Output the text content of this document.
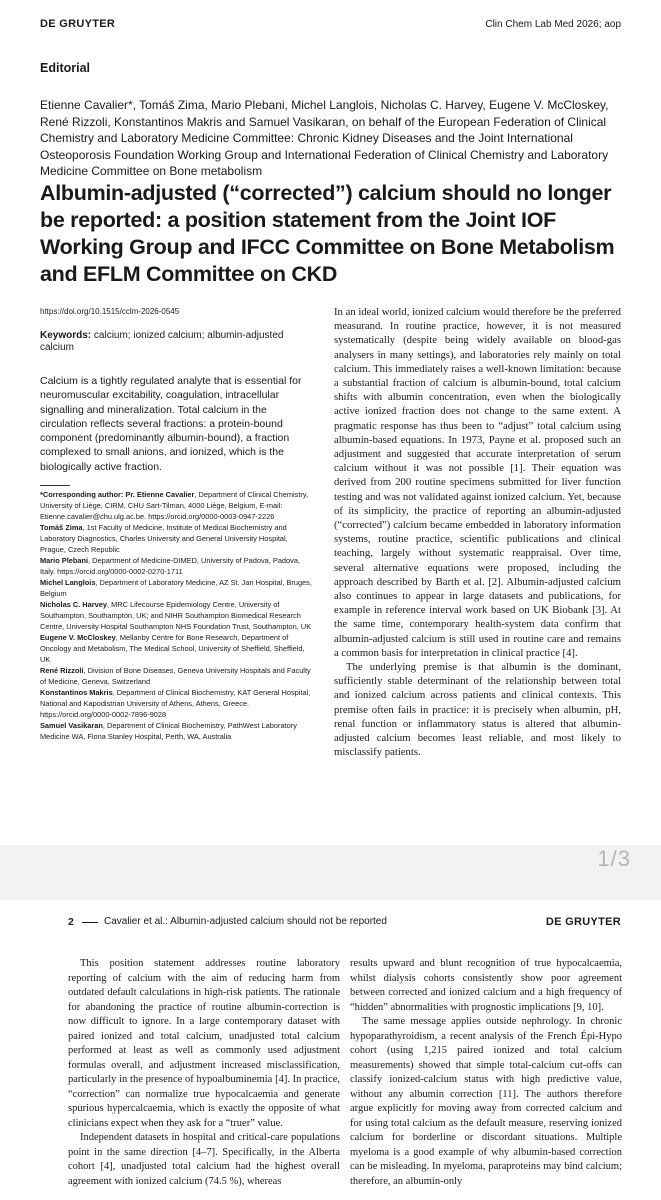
DE GRUYTER	Clin Chem Lab Med 2026; aop
Editorial
Etienne Cavalier*, Tomáš Zima, Mario Plebani, Michel Langlois, Nicholas C. Harvey, Eugene V. McCloskey, René Rizzoli, Konstantinos Makris and Samuel Vasikaran, on behalf of the European Federation of Clinical Chemistry and Laboratory Medicine Committee: Chronic Kidney Diseases and the Joint International Osteoporosis Foundation Working Group and International Federation of Clinical Chemistry and Laboratory Medicine Committee on Bone metabolism
Albumin-adjusted (“corrected”) calcium should no longer be reported: a position statement from the Joint IOF Working Group and IFCC Committee on Bone Metabolism and EFLM Committee on CKD
https://doi.org/10.1515/cclm-2026-0545
Keywords: calcium; ionized calcium; albumin-adjusted calcium

Calcium is a tightly regulated analyte that is essential for neuromuscular excitability, coagulation, intracellular signalling and mineralization. Total calcium in the circulation reflects several fractions: a protein-bound component (predominantly albumin-bound), a fraction complexed to small anions, and ionized, which is the biologically active fraction.

*Corresponding author: Pr. Etienne Cavalier, Department of Clinical Chemistry, University of Liège, CIRM, CHU Sart-Tilman, 4000 Liège, Belgium, E-mail: Etienne.cavalier@chu.ulg.ac.be. https://orcid.org/0000-0003-0947-2226

Tomáš Zima, 1st Faculty of Medicine, Institute of Medical Biochemistry and Laboratory Diagnostics, Charles University and General University Hospital, Prague, Czech Republic

Mario Plebani, Department of Medicine-DIMED, University of Padova, Padova, Italy. https://orcid.org/0000-0002-0270-1711

Michel Langlois, Department of Laboratory Medicine, AZ St. Jan Hospital, Bruges, Belgium

Nicholas C. Harvey, MRC Lifecourse Epidemiology Centre, University of Southampton, Southampton, UK; and NIHR Southampton Biomedical Research Centre, University Hospital Southampton NHS Foundation Trust, Southampton, UK

Eugene V. McCloskey, Mellanby Centre for Bone Research, Department of Oncology and Metabolism, The Medical School, University of Sheffield, Sheffield, UK

René Rizzoli, Division of Bone Diseases, Geneva University Hospitals and Faculty of Medicine, Geneva, Switzerland

Konstantinos Makris, Department of Clinical Biochemistry, KAT General Hospital, National and Kapodistrian University of Athens, Athens, Greece. https://orcid.org/0000-0002-7896-9028

Samuel Vasikaran, Department of Clinical Biochemistry, PathWest Laboratory Medicine WA, Fiona Stanley Hospital, Perth, WA, Australia

In an ideal world, ionized calcium would therefore be the preferred measurand. In routine practice, however, it is not measured systematically (despite being widely available on blood-gas analysers in many settings), and laboratories rely mainly on total calcium. This immediately raises a well-known limitation: because a substantial fraction of calcium is albumin-bound, total calcium shifts with albumin concentration, even when the biologically active ionized fraction does not change to the same extent. A pragmatic response has thus been to “adjust” total calcium using albumin-based equations. In 1973, Payne et al. proposed such an adjustment and suggested that accurate interpretation of serum calcium without it was not possible [1]. Their equation was derived from 200 routine specimens submitted for liver function testing and was not validated against ionized calcium. Yet, because of its simplicity, the practice of reporting an albumin-adjusted (“corrected”) calcium became embedded in laboratory information systems, routine practice, scientific publications and clinical teaching, largely without systematic reappraisal. Over time, several alternative equations were proposed, including the approach described by Barth et al. [2]. Albumin-adjusted calcium also continues to appear in large datasets and publications, for example in reference interval work based on UK Biobank [3]. At the same time, contemporary health-system data confirm that albumin-adjusted calcium is still used in routine care and remains a common basis for interpretation in clinical practice [4].

The underlying premise is that albumin is the dominant, sufficiently stable determinant of the relationship between total and ionized calcium across patients and clinical contexts. This premise often fails in practice: it is precisely when albumin, pH, renal function or inflammatory status is altered that albumin-adjusted calcium becomes least reliable, and most likely to misclassify patients.

1/3
2	Cavalier et al.: Albumin-adjusted calcium should not be reported	DE GRUYTER

This position statement addresses routine laboratory reporting of calcium with the aim of reducing harm from outdated default calculations in high-risk patients. The rationale for abandoning the practice of routine albumin-correction is now difficult to ignore. In a large contemporary dataset with paired ionized and total calcium, unadjusted total calcium performed at least as well as commonly used adjustment formulas overall, and adjustment increased misclassification, particularly in the presence of hypoalbuminemia [4]. In practice, “correction” can normalize true hypocalcaemia and generate spurious hypercalcaemia, which is exactly the opposite of what clinicians expect when they ask for a “truer” value.

Independent datasets in hospital and critical-care populations point in the same direction [4–7]. Specifically, in the Alberta cohort [4], unadjusted total calcium had the highest overall agreement with ionized calcium (74.5 %), whereas

results upward and blunt recognition of true hypocalcaemia, whilst dialysis cohorts consistently show poor agreement between corrected and ionized calcium and a high frequency of “hidden” abnormalities with prognostic implications [9, 10].

The same message applies outside nephrology. In chronic hypoparathyroidism, a recent analysis of the French Épi-Hypo cohort (using 1,215 paired ionized and total calcium measurements) showed that simple total-calcium cut-offs can classify ionized-calcium status with high predictive value, without any albumin correction [11]. The authors therefore argue explicitly for moving away from corrected calcium and for using total calcium as the default measure, reserving ionized calcium for borderline or discordant situations. Multiple myeloma is a good example of why albumin-based correction can be misleading. In myeloma, paraproteins may bind calcium; therefore, an albumin-only
